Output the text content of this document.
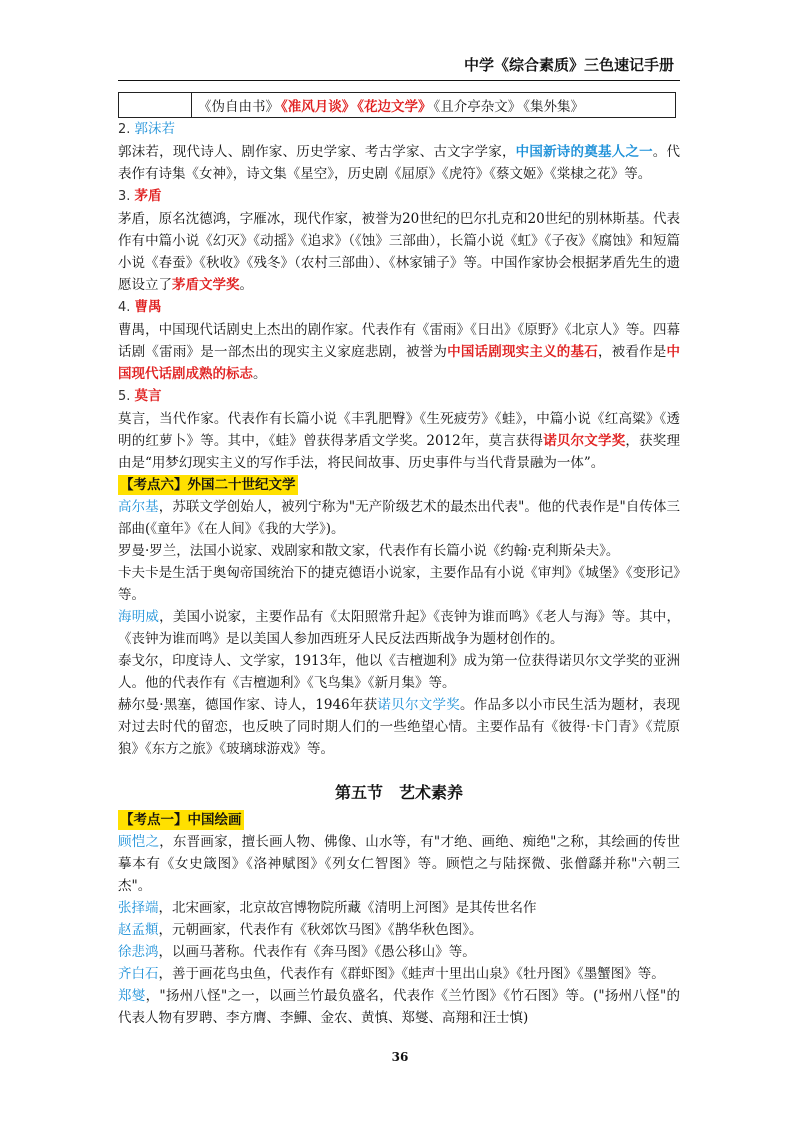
中学《综合素质》三色速记手册
	《伪自由书》 《准风月谈》 《花边文学》 《且介亭杂文》 《集外集》

2. 郭沫若

郭沫若，现代诗人、剧作家、历史学家、考古学家、古文字学家，中国新诗的奠基人之一。代表作有诗集《女神》，诗文集《星空》，历史剧《屈原》《虎符》《蔡文姬》《棠棣之花》等。

3. 茅盾

茅盾，原名沈德鸿，字雁冰，现代作家，被誉为20世纪的巴尔扎克和20世纪的别林斯基。代表作有中篇小说《幻灭》《动摇》《追求》（《蚀》三部曲），长篇小说《虹》《子夜》《腐蚀》和短篇小说《春蚕》《秋收》《残冬》（农村三部曲）、《林家铺子》等。中国作家协会根据茅盾先生的遗愿设立了茅盾文学奖。

4. 曹禺

曹禺，中国现代话剧史上杰出的剧作家。代表作有《雷雨》《日出》《原野》《北京人》等。四幕话剧《雷雨》是一部杰出的现实主义家庭悲剧，被誉为中国话剧现实主义的基石，被看作是中国现代话剧成熟的标志。

5. 莫言

莫言，当代作家。代表作有长篇小说《丰乳肥臀》《生死疲劳》《蛙》，中篇小说《红高粱》《透明的红萝卜》等。其中，《蛙》曾获得茅盾文学奖。2012年，莫言获得诺贝尔文学奖，获奖理由是“用梦幻现实主义的写作手法，将民间故事、历史事件与当代背景融为一体”。

【考点六】外国二十世纪文学

高尔基，苏联文学创始人，被列宁称为"无产阶级艺术的最杰出代表"。他的代表作是"自传体三部曲(《童年》《在人间》《我的大学》)。

罗曼·罗兰，法国小说家、戏剧家和散文家，代表作有长篇小说《约翰·克利斯朵夫》。

卡夫卡是生活于奥匈帝国统治下的捷克德语小说家，主要作品有小说《审判》《城堡》《变形记》等。

海明威，美国小说家，主要作品有《太阳照常升起》《丧钟为谁而鸣》《老人与海》等。其中，《丧钟为谁而鸣》是以美国人参加西班牙人民反法西斯战争为题材创作的。

泰戈尔，印度诗人、文学家，1913年，他以《吉檀迦利》成为第一位获得诺贝尔文学奖的亚洲人。他的代表作有《吉檀迦利》《飞鸟集》《新月集》等。

赫尔曼·黑塞，德国作家、诗人，1946年获诺贝尔文学奖。作品多以小市民生活为题材，表现对过去时代的留恋，也反映了同时期人们的一些绝望心情。主要作品有《彼得·卡门青》《荒原狼》《东方之旅》《玻璃球游戏》等。

第五节 艺术素养
【考点一】中国绘画

顾恺之，东晋画家，擅长画人物、佛像、山水等，有"才绝、画绝、痴绝"之称，其绘画的传世摹本有《女史箴图》《洛神赋图》《列女仁智图》等。顾恺之与陆探微、张僧繇并称"六朝三杰"。

张择端，北宋画家，北京故宫博物院所藏《清明上河图》是其传世名作

赵孟頫，元朝画家，代表作有《秋郊饮马图》《鹊华秋色图》。

徐悲鸿，以画马著称。代表作有《奔马图》《愚公移山》等。

齐白石，善于画花鸟虫鱼，代表作有《群虾图》《蛙声十里出山泉》《牡丹图》《墨蟹图》等。

郑燮，"扬州八怪"之一，以画兰竹最负盛名，代表作《兰竹图》《竹石图》等。("扬州八怪"的代表人物有罗聘、李方膺、李鱓、金农、黄慎、郑燮、高翔和汪士慎)

36
